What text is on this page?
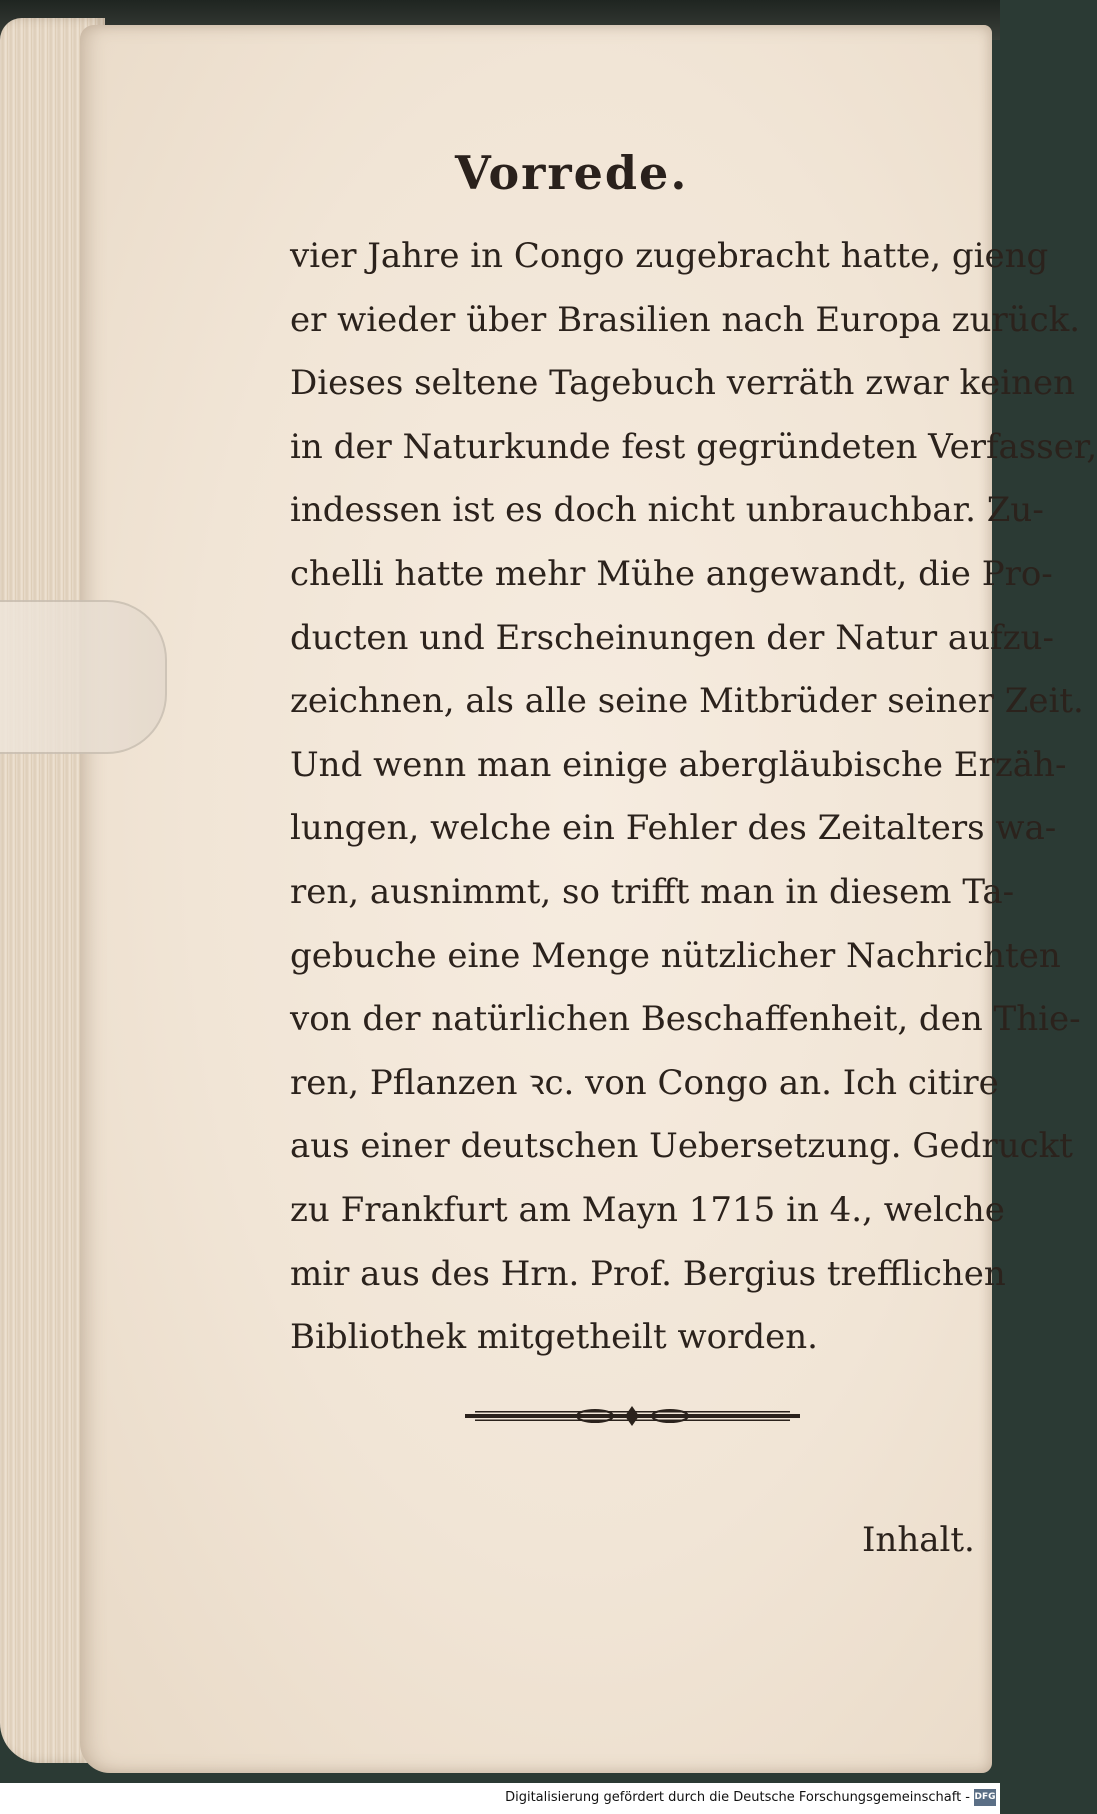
Vorrede.
vier Jahre in Congo zugebracht hatte, gieng
er wieder über Brasilien nach Europa zurück.
Dieses seltene Tagebuch verräth zwar keinen
in der Naturkunde fest gegründeten Verfasser,
indessen ist es doch nicht unbrauchbar. Zu-
chelli hatte mehr Mühe angewandt, die Pro-
ducten und Erscheinungen der Natur aufzu-
zeichnen, als alle seine Mitbrüder seiner Zeit.
Und wenn man einige abergläubische Erzäh-
lungen, welche ein Fehler des Zeitalters wa-
ren, ausnimmt, so trifft man in diesem Ta-
gebuche eine Menge nützlicher Nachrichten
von der natürlichen Beschaffenheit, den Thie-
ren, Pflanzen ꝛc. von Congo an. Ich citire
aus einer deutschen Uebersetzung. Gedruckt
zu Frankfurt am Mayn 1715 in 4., welche
mir aus des Hrn. Prof. Bergius trefflichen
Bibliothek mitgetheilt worden.
Inhalt.
Digitalisierung gefördert durch die Deutsche Forschungsgemeinschaft - DFG
